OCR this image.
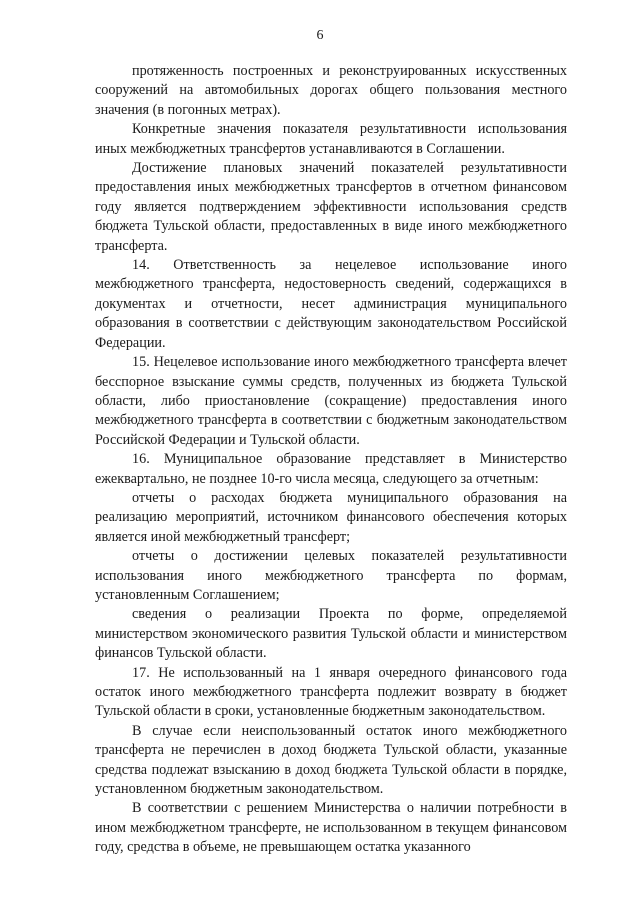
6

протяженность построенных и реконструированных искусственных сооружений на автомобильных дорогах общего пользования местного значения (в погонных метрах).

Конкретные значения показателя результативности использования иных межбюджетных трансфертов устанавливаются в Соглашении.

Достижение плановых значений показателей результативности предоставления иных межбюджетных трансфертов в отчетном финансовом году является подтверждением эффективности использования средств бюджета Тульской области, предоставленных в виде иного межбюджетного трансферта.

14. Ответственность за нецелевое использование иного межбюджетного трансферта, недостоверность сведений, содержащихся в документах и отчетности, несет администрация муниципального образования в соответствии с действующим законодательством Российской Федерации.

15. Нецелевое использование иного межбюджетного трансферта влечет бесспорное взыскание суммы средств, полученных из бюджета Тульской области, либо приостановление (сокращение) предоставления иного межбюджетного трансферта в соответствии с бюджетным законодательством Российской Федерации и Тульской области.

16. Муниципальное образование представляет в Министерство ежеквартально, не позднее 10-го числа месяца, следующего за отчетным:

отчеты о расходах бюджета муниципального образования на реализацию мероприятий, источником финансового обеспечения которых является иной межбюджетный трансферт;

отчеты о достижении целевых показателей результативности использования иного межбюджетного трансферта по формам, установленным Соглашением;

сведения о реализации Проекта по форме, определяемой министерством экономического развития Тульской области и министерством финансов Тульской области.

17. Не использованный на 1 января очередного финансового года остаток иного межбюджетного трансферта подлежит возврату в бюджет Тульской области в сроки, установленные бюджетным законодательством.

В случае если неиспользованный остаток иного межбюджетного трансферта не перечислен в доход бюджета Тульской области, указанные средства подлежат взысканию в доход бюджета Тульской области в порядке, установленном бюджетным законодательством.

В соответствии с решением Министерства о наличии потребности в ином межбюджетном трансферте, не использованном в текущем финансовом году, средства в объеме, не превышающем остатка указанного
